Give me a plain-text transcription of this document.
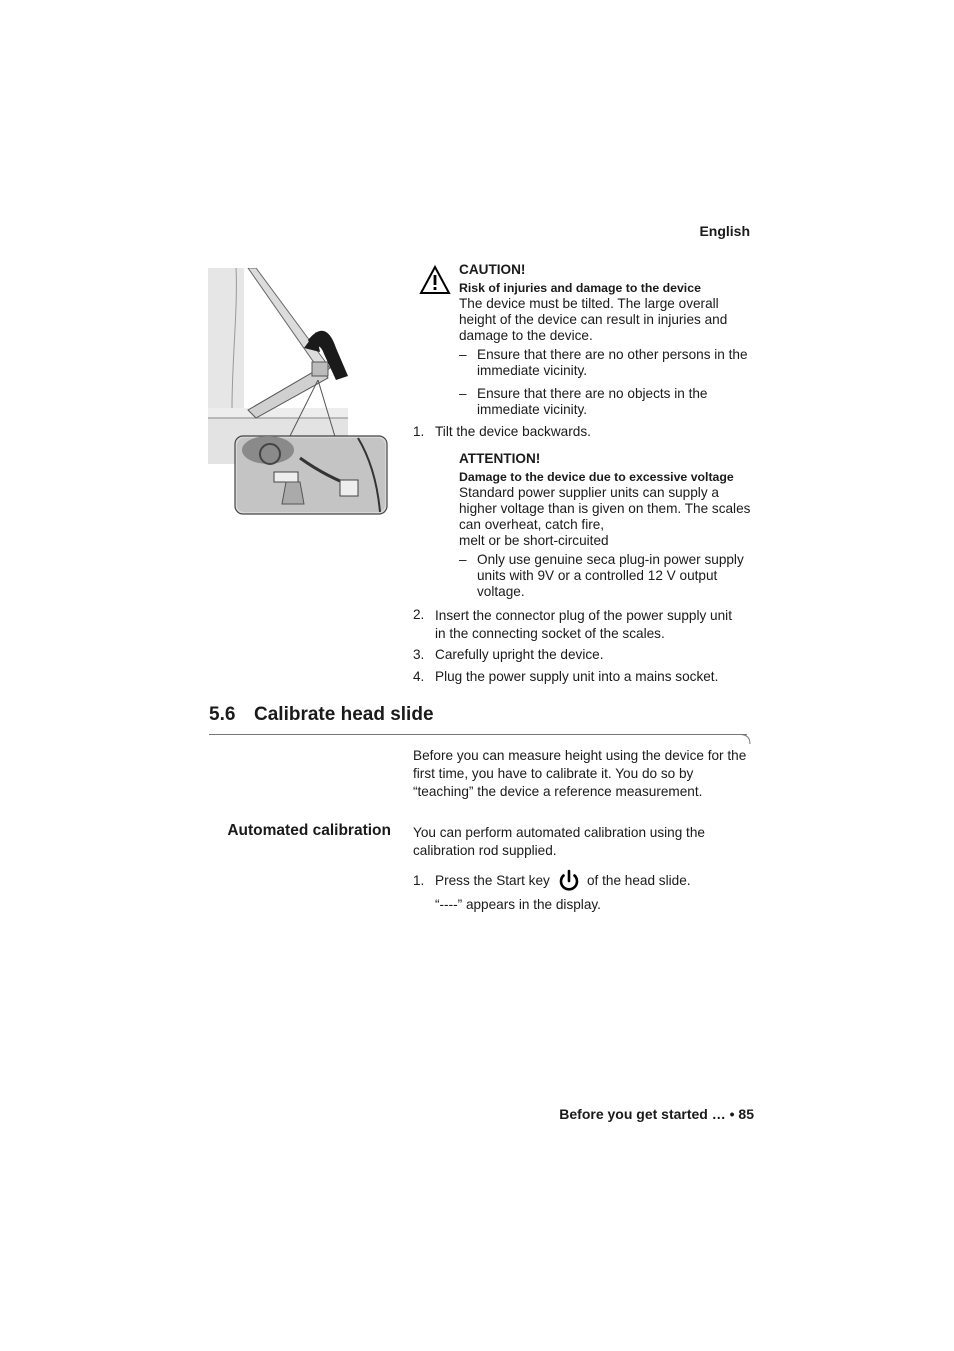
English
CAUTION!
Risk of injuries and damage to the device
The device must be tilted. The large overall
height of the device can result in injuries and
damage to the device.
– Ensure that there are no other persons in the
immediate vicinity.
– Ensure that there are no objects in the
immediate vicinity.
1. Tilt the device backwards.
ATTENTION!
Damage to the device due to excessive voltage
Standard power supplier units can supply a
higher voltage than is given on them. The scales
can overheat, catch fire,
melt or be short-circuited
– Only use genuine seca plug-in power supply
units with 9V or a controlled 12 V output
voltage.
2. Insert the connector plug of the power supply unit
in the connecting socket of the scales.
3. Carefully upright the device.
4. Plug the power supply unit into a mains socket.
5.6 Calibrate head slide
Before you can measure height using the device for the
first time, you have to calibrate it. You do so by
“teaching” the device a reference measurement.
Automated calibration You can perform automated calibration using the
calibration rod supplied.
1. Press the Start key	of the head slide.
“----” appears in the display.
Before you get started … • 85
